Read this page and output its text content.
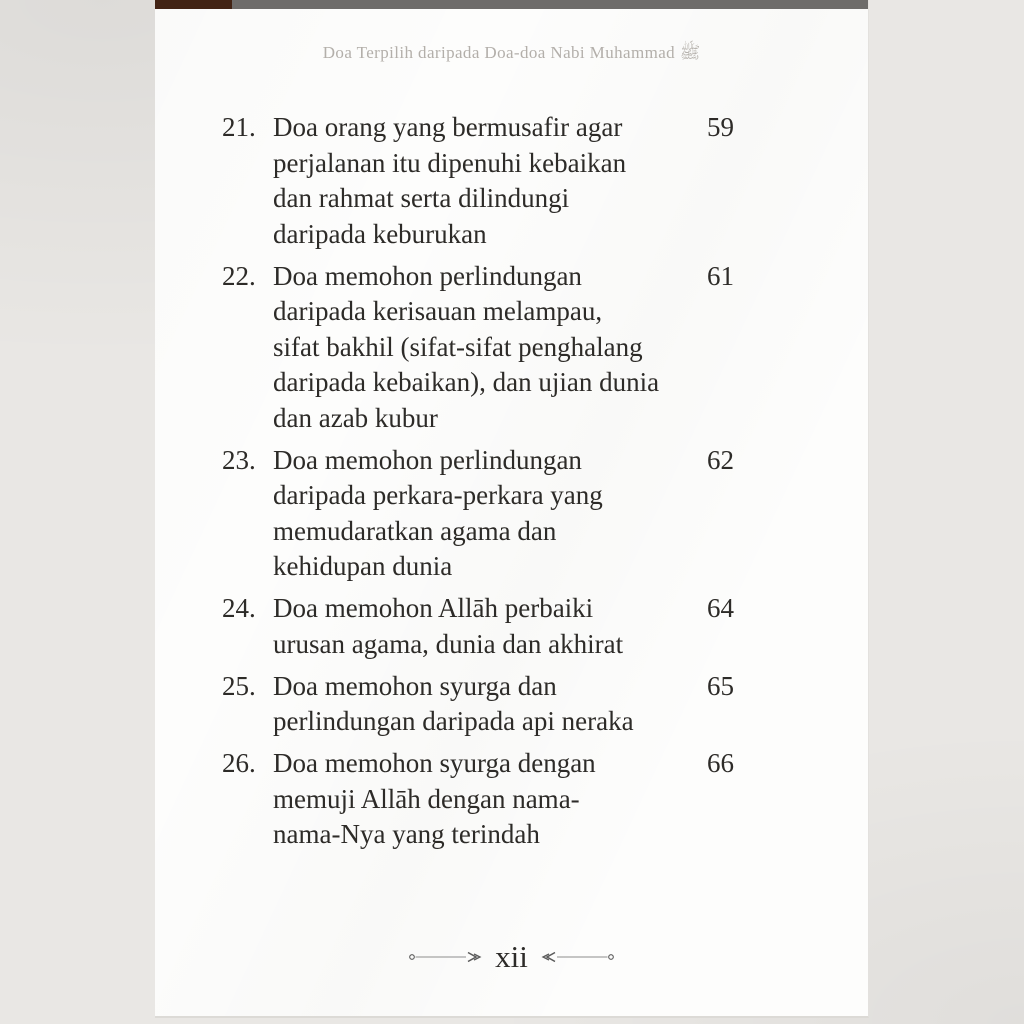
Doa Terpilih daripada Doa-doa Nabi Muhammad ﷺ
21. Doa orang yang bermusafir agar
perjalanan itu dipenuhi kebaikan
dan rahmat serta dilindungi
daripada keburukan
59
22. Doa memohon perlindungan
daripada kerisauan melampau,
sifat bakhil (sifat-sifat penghalang
daripada kebaikan), dan ujian dunia
dan azab kubur
61
23. Doa memohon perlindungan
daripada perkara-perkara yang
memudaratkan agama dan
kehidupan dunia
62
24. Doa memohon Allāh perbaiki
urusan agama, dunia dan akhirat
64
25. Doa memohon syurga dan
perlindungan daripada api neraka
65
26. Doa memohon syurga dengan
memuji Allāh dengan nama-
nama-Nya yang terindah
66
xii
